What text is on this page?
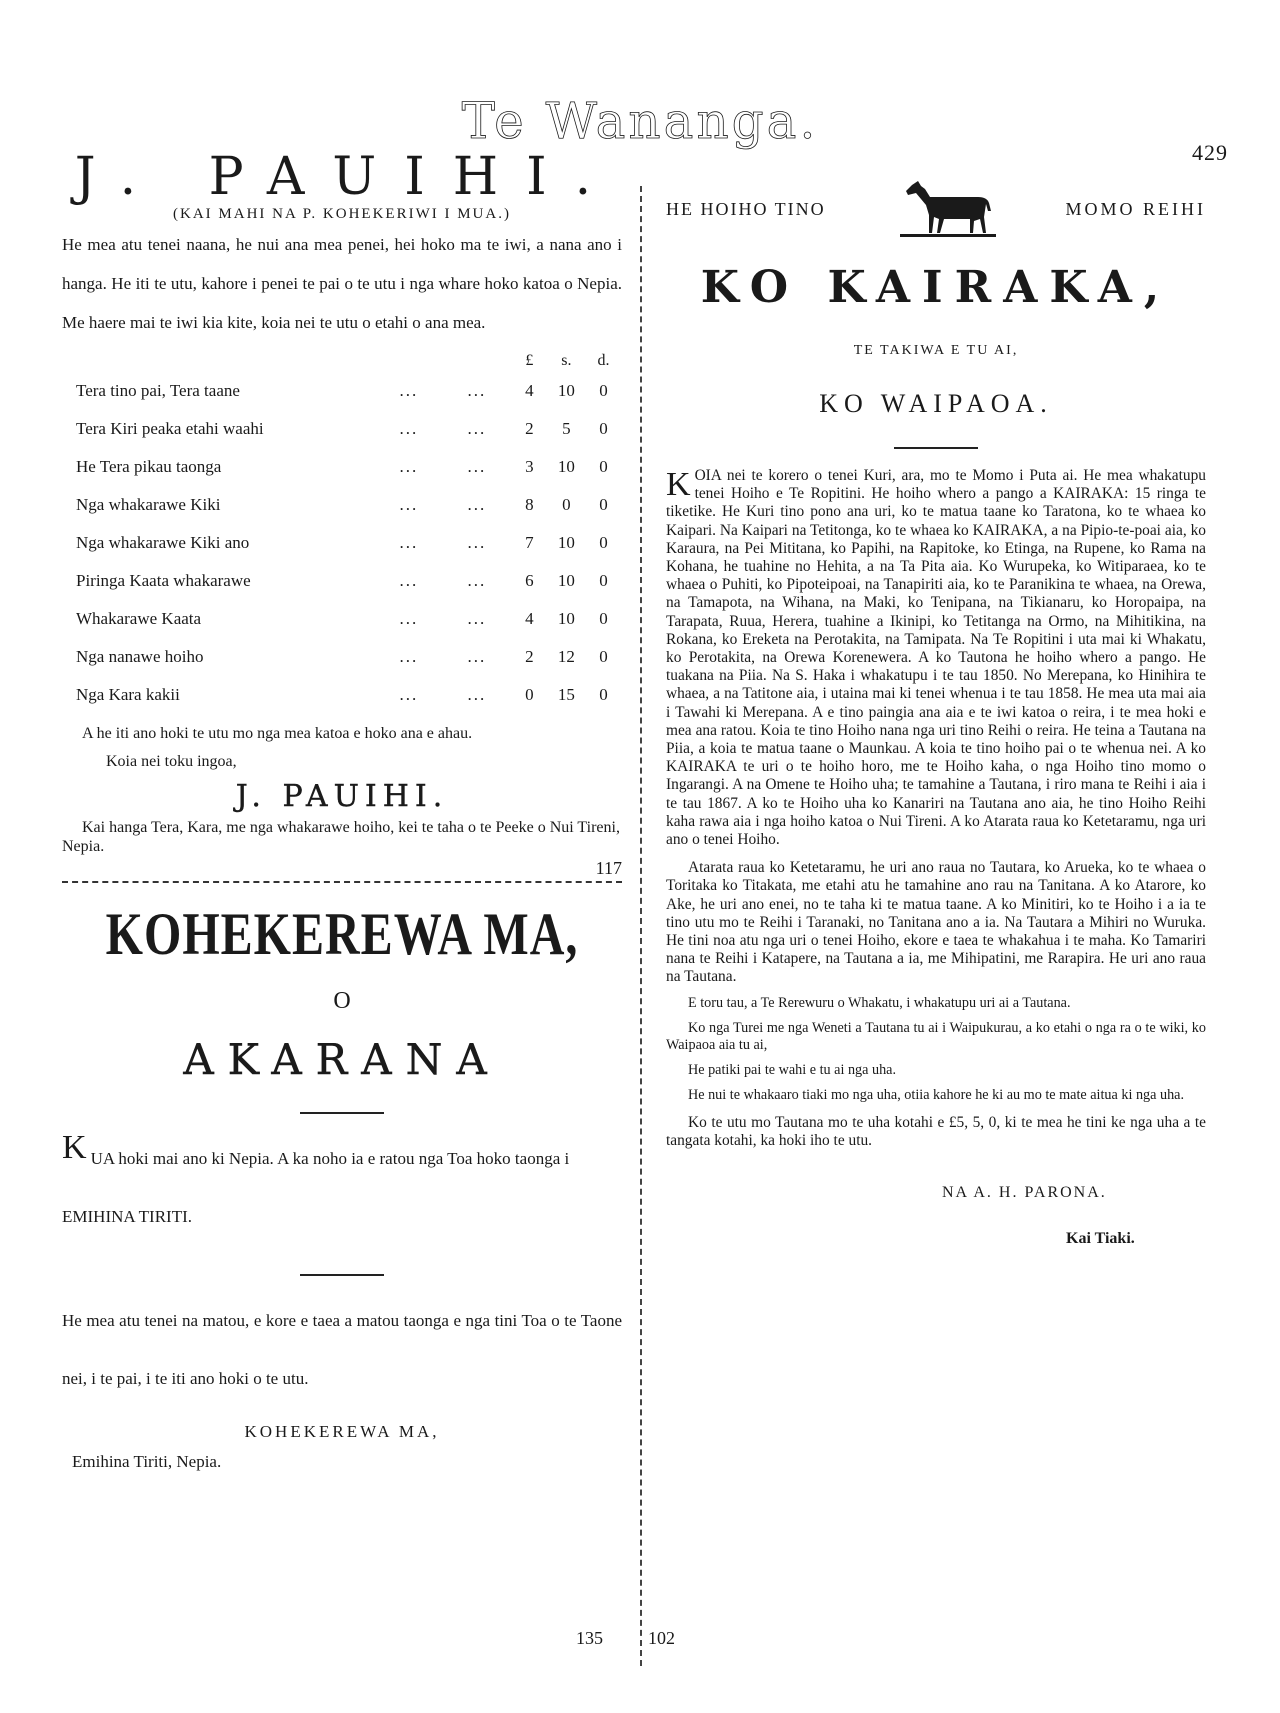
Te Wananga.
429
J. PAUIHI.
(KAI MAHI NA P. KOHEKERIWI I MUA.)
He mea atu tenei naana, he nui ana mea penei, hei hoko ma te iwi, a nana ano i hanga. He iti te utu, kahore i penei te pai o te utu i nga whare hoko katoa o Nepia. Me haere mai te iwi kia kite, koia nei te utu o etahi o ana mea.
			£	s.	d.
Tera tino pai, Tera taane	...	...	4	10	0
Tera Kiri peaka etahi waahi	...	...	2	5	0
He Tera pikau taonga	...	...	3	10	0
Nga whakarawe Kiki	...	...	8	0	0
Nga whakarawe Kiki ano	...	...	7	10	0
Piringa Kaata whakarawe	...	...	6	10	0
Whakarawe Kaata	...	...	4	10	0
Nga nanawe hoiho	...	...	2	12	0
Nga Kara kakii	...	...	0	15	0
A he iti ano hoki te utu mo nga mea katoa e hoko ana e ahau.
Koia nei toku ingoa,
J. PAUIHI.
Kai hanga Tera, Kara, me nga whakarawe hoiho, kei te taha o te Peeke o Nui Tireni, Nepia.
117
KOHEKEREWA MA,
O
AKARANA
KUA hoki mai ano ki Nepia. A ka noho ia e ratou nga Toa hoko taonga i EMIHINA TIRITI.
He mea atu tenei na matou, e kore e taea a matou taonga e nga tini Toa o te Taone nei, i te pai, i te iti ano hoki o te utu.
KOHEKEREWA MA,
Emihina Tiriti, Nepia.
135
HE HOIHO TINO	MOMO REIHI
KO KAIRAKA,
TE TAKIWA E TU AI,
KO WAIPAOA.
KOIA nei te korero o tenei Kuri, ara, mo te Momo i Puta ai. He mea whakatupu tenei Hoiho e Te Ropitini. He hoiho whero a pango a KAIRAKA: 15 ringa te tiketike. He Kuri tino pono ana uri, ko te matua taane ko Taratona, ko te whaea ko Kaipari. Na Kaipari na Tetitonga, ko te whaea ko KAIRAKA, a na Pipio-te-poai aia, ko Karaura, na Pei Mititana, ko Papihi, na Rapitoke, ko Etinga, na Rupene, ko Rama na Kohana, he tuahine no Hehita, a na Ta Pita aia. Ko Wurupeka, ko Witiparaea, ko te whaea o Puhiti, ko Pipoteipoai, na Tanapiriti aia, ko te Paranikina te whaea, na Orewa, na Tamapota, na Wihana, na Maki, ko Tenipana, na Tikianaru, ko Horopaipa, na Tarapata, Ruua, Herera, tuahine a Ikinipi, ko Tetitanga na Ormo, na Mihitikina, na Rokana, ko Ereketa na Perotakita, na Tamipata. Na Te Ropitini i uta mai ki Whakatu, ko Perotakita, na Orewa Korenewera. A ko Tautona he hoiho whero a pango. He tuakana na Piia. Na S. Haka i whakatupu i te tau 1850. No Merepana, ko Hinihira te whaea, a na Tatitone aia, i utaina mai ki tenei whenua i te tau 1858. He mea uta mai aia i Tawahi ki Merepana. A e tino paingia ana aia e te iwi katoa o reira, i te mea hoki e mea ana ratou. Koia te tino Hoiho nana nga uri tino Reihi o reira. He teina a Tautana na Piia, a koia te matua taane o Maunkau. A koia te tino hoiho pai o te whenua nei. A ko KAIRAKA te uri o te hoiho horo, me te Hoiho kaha, o nga Hoiho tino momo o Ingarangi. A na Omene te Hoiho uha; te tamahine a Tautana, i riro mana te Reihi i aia i te tau 1867. A ko te Hoiho uha ko Kanariri na Tautana ano aia, he tino Hoiho Reihi kaha rawa aia i nga hoiho katoa o Nui Tireni. A ko Atarata raua ko Ketetaramu, nga uri ano o tenei Hoiho.
Atarata raua ko Ketetaramu, he uri ano raua no Tautara, ko Arueka, ko te whaea o Toritaka ko Titakata, me etahi atu he tamahine ano rau na Tanitana. A ko Atarore, ko Ake, he uri ano enei, no te taha ki te matua taane. A ko Minitiri, ko te Hoiho i a ia te tino utu mo te Reihi i Taranaki, no Tanitana ano a ia. Na Tautara a Mihiri no Wuruka. He tini noa atu nga uri o tenei Hoiho, ekore e taea te whakahua i te maha. Ko Tamariri nana te Reihi i Katapere, na Tautana a ia, me Mihipatini, me Rarapira. He uri ano raua na Tautana.
E toru tau, a Te Rerewuru o Whakatu, i whakatupu uri ai a Tautana.
Ko nga Turei me nga Weneti a Tautana tu ai i Waipukurau, a ko etahi o nga ra o te wiki, ko Waipaoa aia tu ai,
He patiki pai te wahi e tu ai nga uha.
He nui te whakaaro tiaki mo nga uha, otiia kahore he ki au mo te mate aitua ki nga uha.
Ko te utu mo Tautana mo te uha kotahi e £5, 5, 0, ki te mea he tini ke nga uha a te tangata kotahi, ka hoki iho te utu.
NA A. H. PARONA.
Kai Tiaki.
102
